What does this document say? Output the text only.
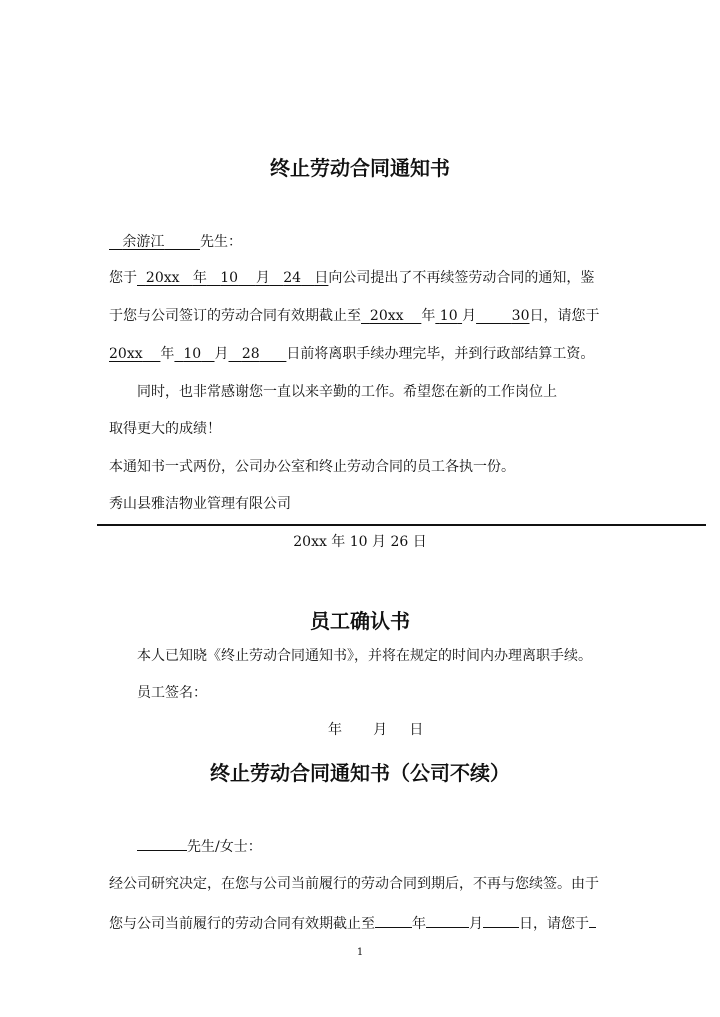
终止劳动合同通知书
余游江	先生：
您于 20xx 年 10 月 24 日向公司提出了不再续签劳动合同的通知，鉴
于您与公司签订的劳动合同有效期截止至 20xx 年 10 月	30日，请您于
20xx 年 10 月 28 日前将离职手续办理完毕，并到行政部结算工资。
同时，也非常感谢您一直以来辛勤的工作。希望您在新的工作岗位上
取得更大的成绩！
本通知书一式两份，公司办公室和终止劳动合同的员工各执一份。
秀山县雅洁物业管理有限公司
20xx 年 10 月 26 日
员工确认书
本人已知晓《终止劳动合同通知书》，并将在规定的时间内办理离职手续。
员工签名：
年 月 日
终止劳动合同通知书（公司不续）
先生/女士：
经公司研究决定，在您与公司当前履行的劳动合同到期后，不再与您续签。由于
您与公司当前履行的劳动合同有效期截止至	年	月	日，请您于
1
